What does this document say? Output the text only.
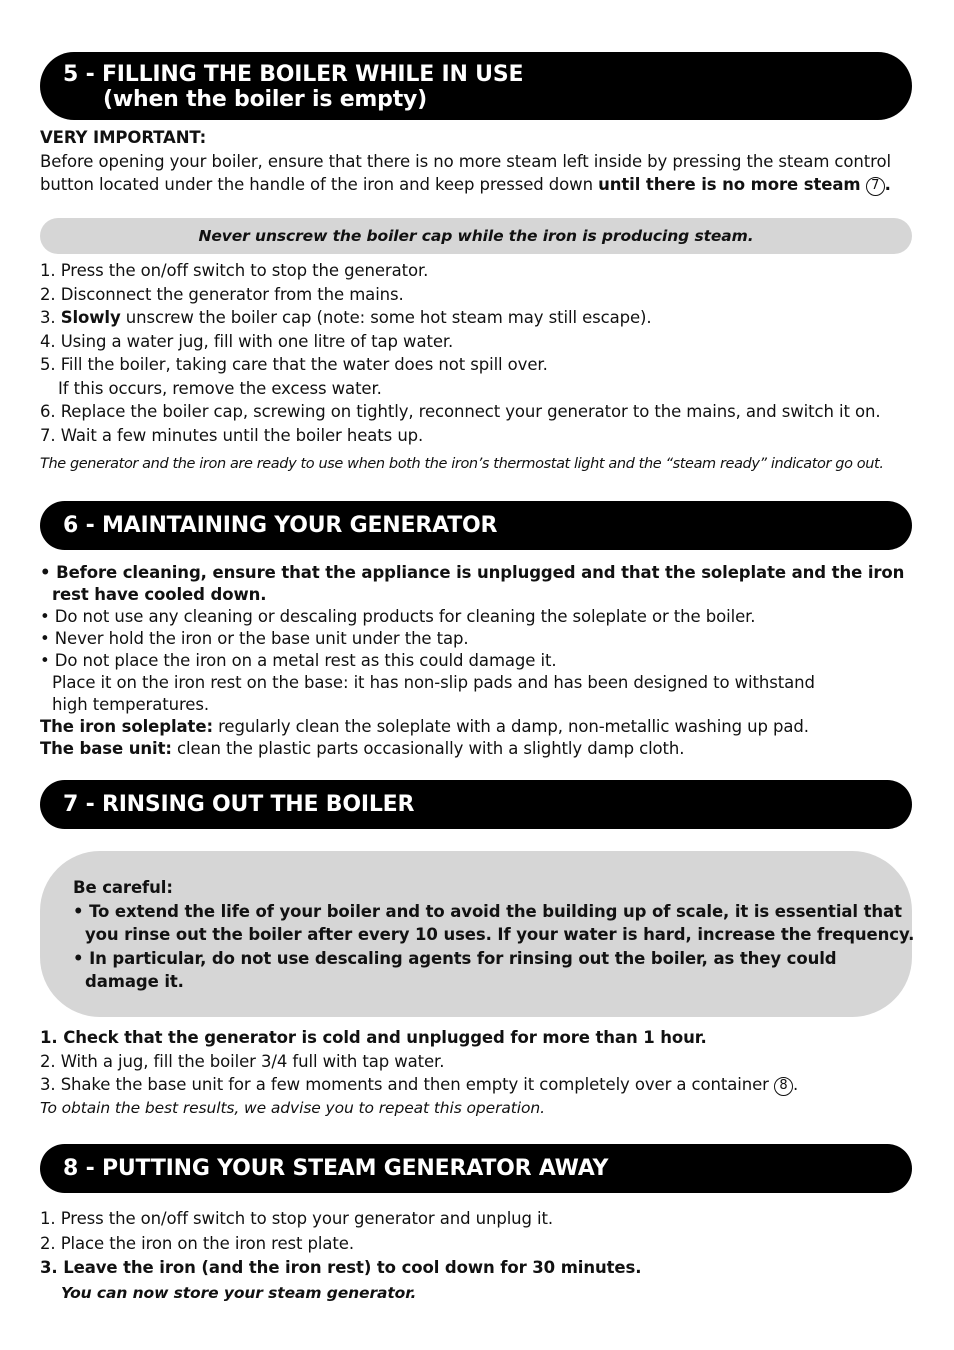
5 - FILLING THE BOILER WHILE IN USE
(when the boiler is empty)
VERY IMPORTANT:
Before opening your boiler, ensure that there is no more steam left inside by pressing the steam control
button located under the handle of the iron and keep pressed down until there is no more steam 7 .
Never unscrew the boiler cap while the iron is producing steam.
1. Press the on/off switch to stop the generator.
2. Disconnect the generator from the mains.
3. Slowly unscrew the boiler cap (note: some hot steam may still escape).
4. Using a water jug, fill with one litre of tap water.
5. Fill the boiler, taking care that the water does not spill over.
If this occurs, remove the excess water.
6. Replace the boiler cap, screwing on tightly, reconnect your generator to the mains, and switch it on.
7. Wait a few minutes until the boiler heats up.
The generator and the iron are ready to use when both the iron’s thermostat light and the “steam ready” indicator go out.
6 - MAINTAINING YOUR GENERATOR
• Before cleaning, ensure that the appliance is unplugged and that the soleplate and the iron
rest have cooled down.
• Do not use any cleaning or descaling products for cleaning the soleplate or the boiler.
• Never hold the iron or the base unit under the tap.
• Do not place the iron on a metal rest as this could damage it.
Place it on the iron rest on the base: it has non-slip pads and has been designed to withstand
high temperatures.
The iron soleplate: regularly clean the soleplate with a damp, non-metallic washing up pad.
The base unit: clean the plastic parts occasionally with a slightly damp cloth.
7 - RINSING OUT THE BOILER
Be careful:
• To extend the life of your boiler and to avoid the building up of scale, it is essential that
you rinse out the boiler after every 10 uses. If your water is hard, increase the frequency.
• In particular, do not use descaling agents for rinsing out the boiler, as they could
damage it.
1. Check that the generator is cold and unplugged for more than 1 hour.
2. With a jug, fill the boiler 3/4 full with tap water.
3. Shake the base unit for a few moments and then empty it completely over a container 8 .
To obtain the best results, we advise you to repeat this operation.
8 - PUTTING YOUR STEAM GENERATOR AWAY
1. Press the on/off switch to stop your generator and unplug it.
2. Place the iron on the iron rest plate.
3. Leave the iron (and the iron rest) to cool down for 30 minutes.
You can now store your steam generator.
